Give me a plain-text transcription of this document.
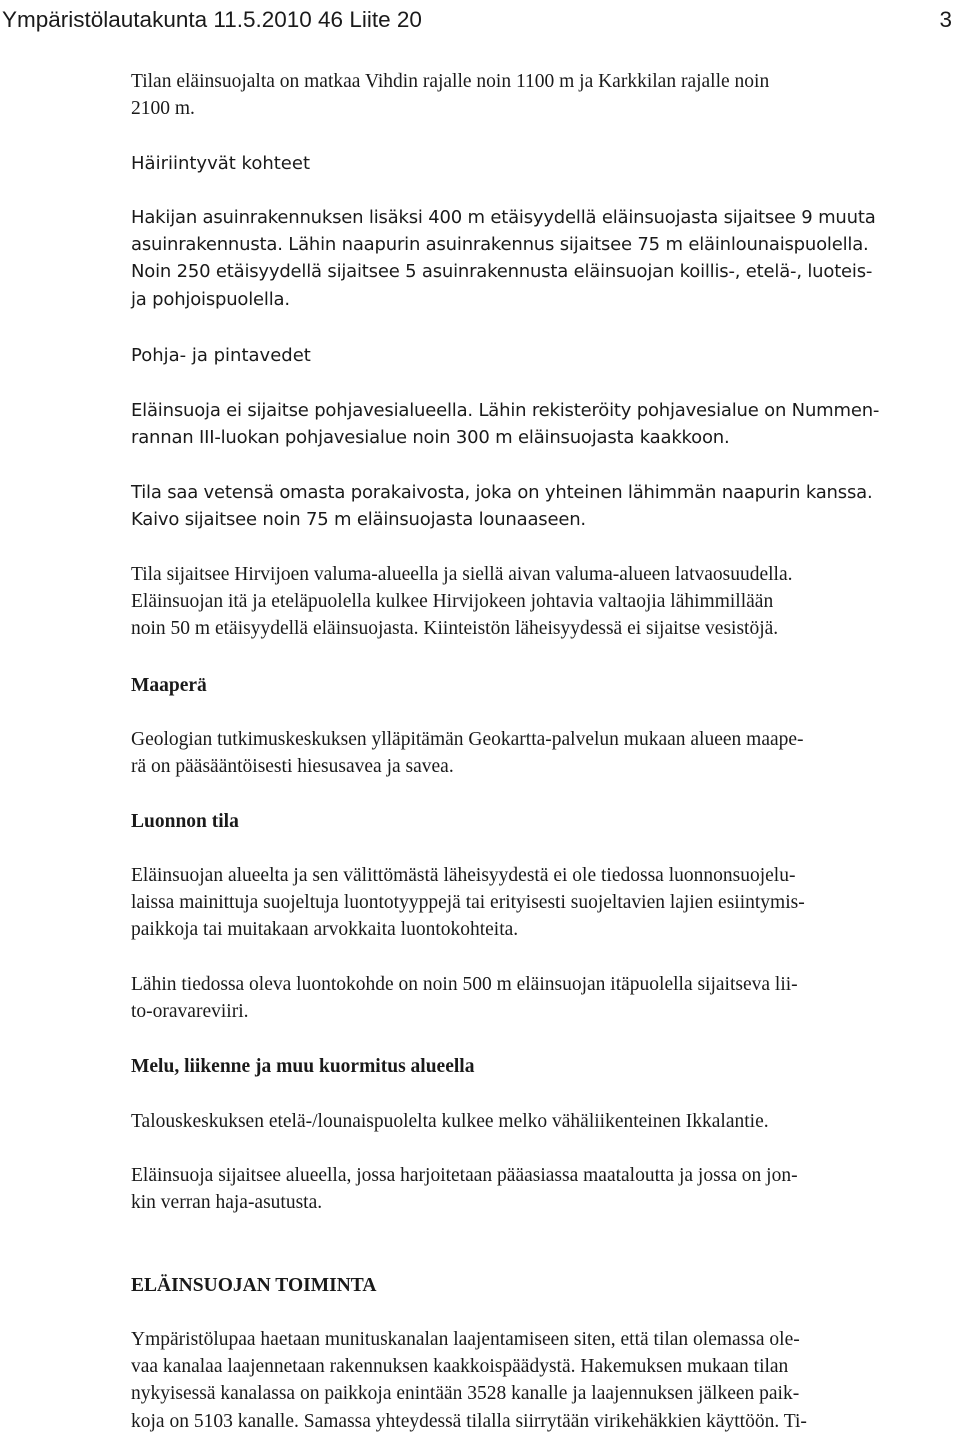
Ympäristölautakunta 11.5.2010 46 Liite 20	3

Tilan eläinsuojalta on matkaa Vihdin rajalle noin 1100 m ja Karkkilan rajalle noin
2100 m.

Häiriintyvät kohteet

Hakijan asuinrakennuksen lisäksi 400 m etäisyydellä eläinsuojasta sijaitsee 9 muuta
asuinrakennusta. Lähin naapurin asuinrakennus sijaitsee 75 m eläinlounaispuolella.
Noin 250 etäisyydellä sijaitsee 5 asuinrakennusta eläinsuojan koillis-, etelä-, luoteis-
ja pohjoispuolella.

Pohja- ja pintavedet

Eläinsuoja ei sijaitse pohjavesialueella. Lähin rekisteröity pohjavesialue on Nummen-
rannan III-luokan pohjavesialue noin 300 m eläinsuojasta kaakkoon.

Tila saa vetensä omasta porakaivosta, joka on yhteinen lähimmän naapurin kanssa.
Kaivo sijaitsee noin 75 m eläinsuojasta lounaaseen.

Tila sijaitsee Hirvijoen valuma-alueella ja siellä aivan valuma-alueen latvaosuudella.
Eläinsuojan itä ja eteläpuolella kulkee Hirvijokeen johtavia valtaojia lähimmillään
noin 50 m etäisyydellä eläinsuojasta. Kiinteistön läheisyydessä ei sijaitse vesistöjä.

Maaperä

Geologian tutkimuskeskuksen ylläpitämän Geokartta-palvelun mukaan alueen maape-
rä on pääsääntöisesti hiesusavea ja savea.

Luonnon tila

Eläinsuojan alueelta ja sen välittömästä läheisyydestä ei ole tiedossa luonnonsuojelu-
laissa mainittuja suojeltuja luontotyyppejä tai erityisesti suojeltavien lajien esiintymis-
paikkoja tai muitakaan arvokkaita luontokohteita.

Lähin tiedossa oleva luontokohde on noin 500 m eläinsuojan itäpuolella sijaitseva lii-
to-oravareviiri.

Melu, liikenne ja muu kuormitus alueella

Talouskeskuksen etelä-/lounaispuolelta kulkee melko vähäliikenteinen Ikkalantie.

Eläinsuoja sijaitsee alueella, jossa harjoitetaan pääasiassa maataloutta ja jossa on jon-
kin verran haja-asutusta.

ELÄINSUOJAN TOIMINTA

Ympäristölupaa haetaan munituskanalan laajentamiseen siten, että tilan olemassa ole-
vaa kanalaa laajennetaan rakennuksen kaakkoispäädystä. Hakemuksen mukaan tilan
nykyisessä kanalassa on paikkoja enintään 3528 kanalle ja laajennuksen jälkeen paik-
koja on 5103 kanalle. Samassa yhteydessä tilalla siirrytään virikehäkkien käyttöön. Ti-
